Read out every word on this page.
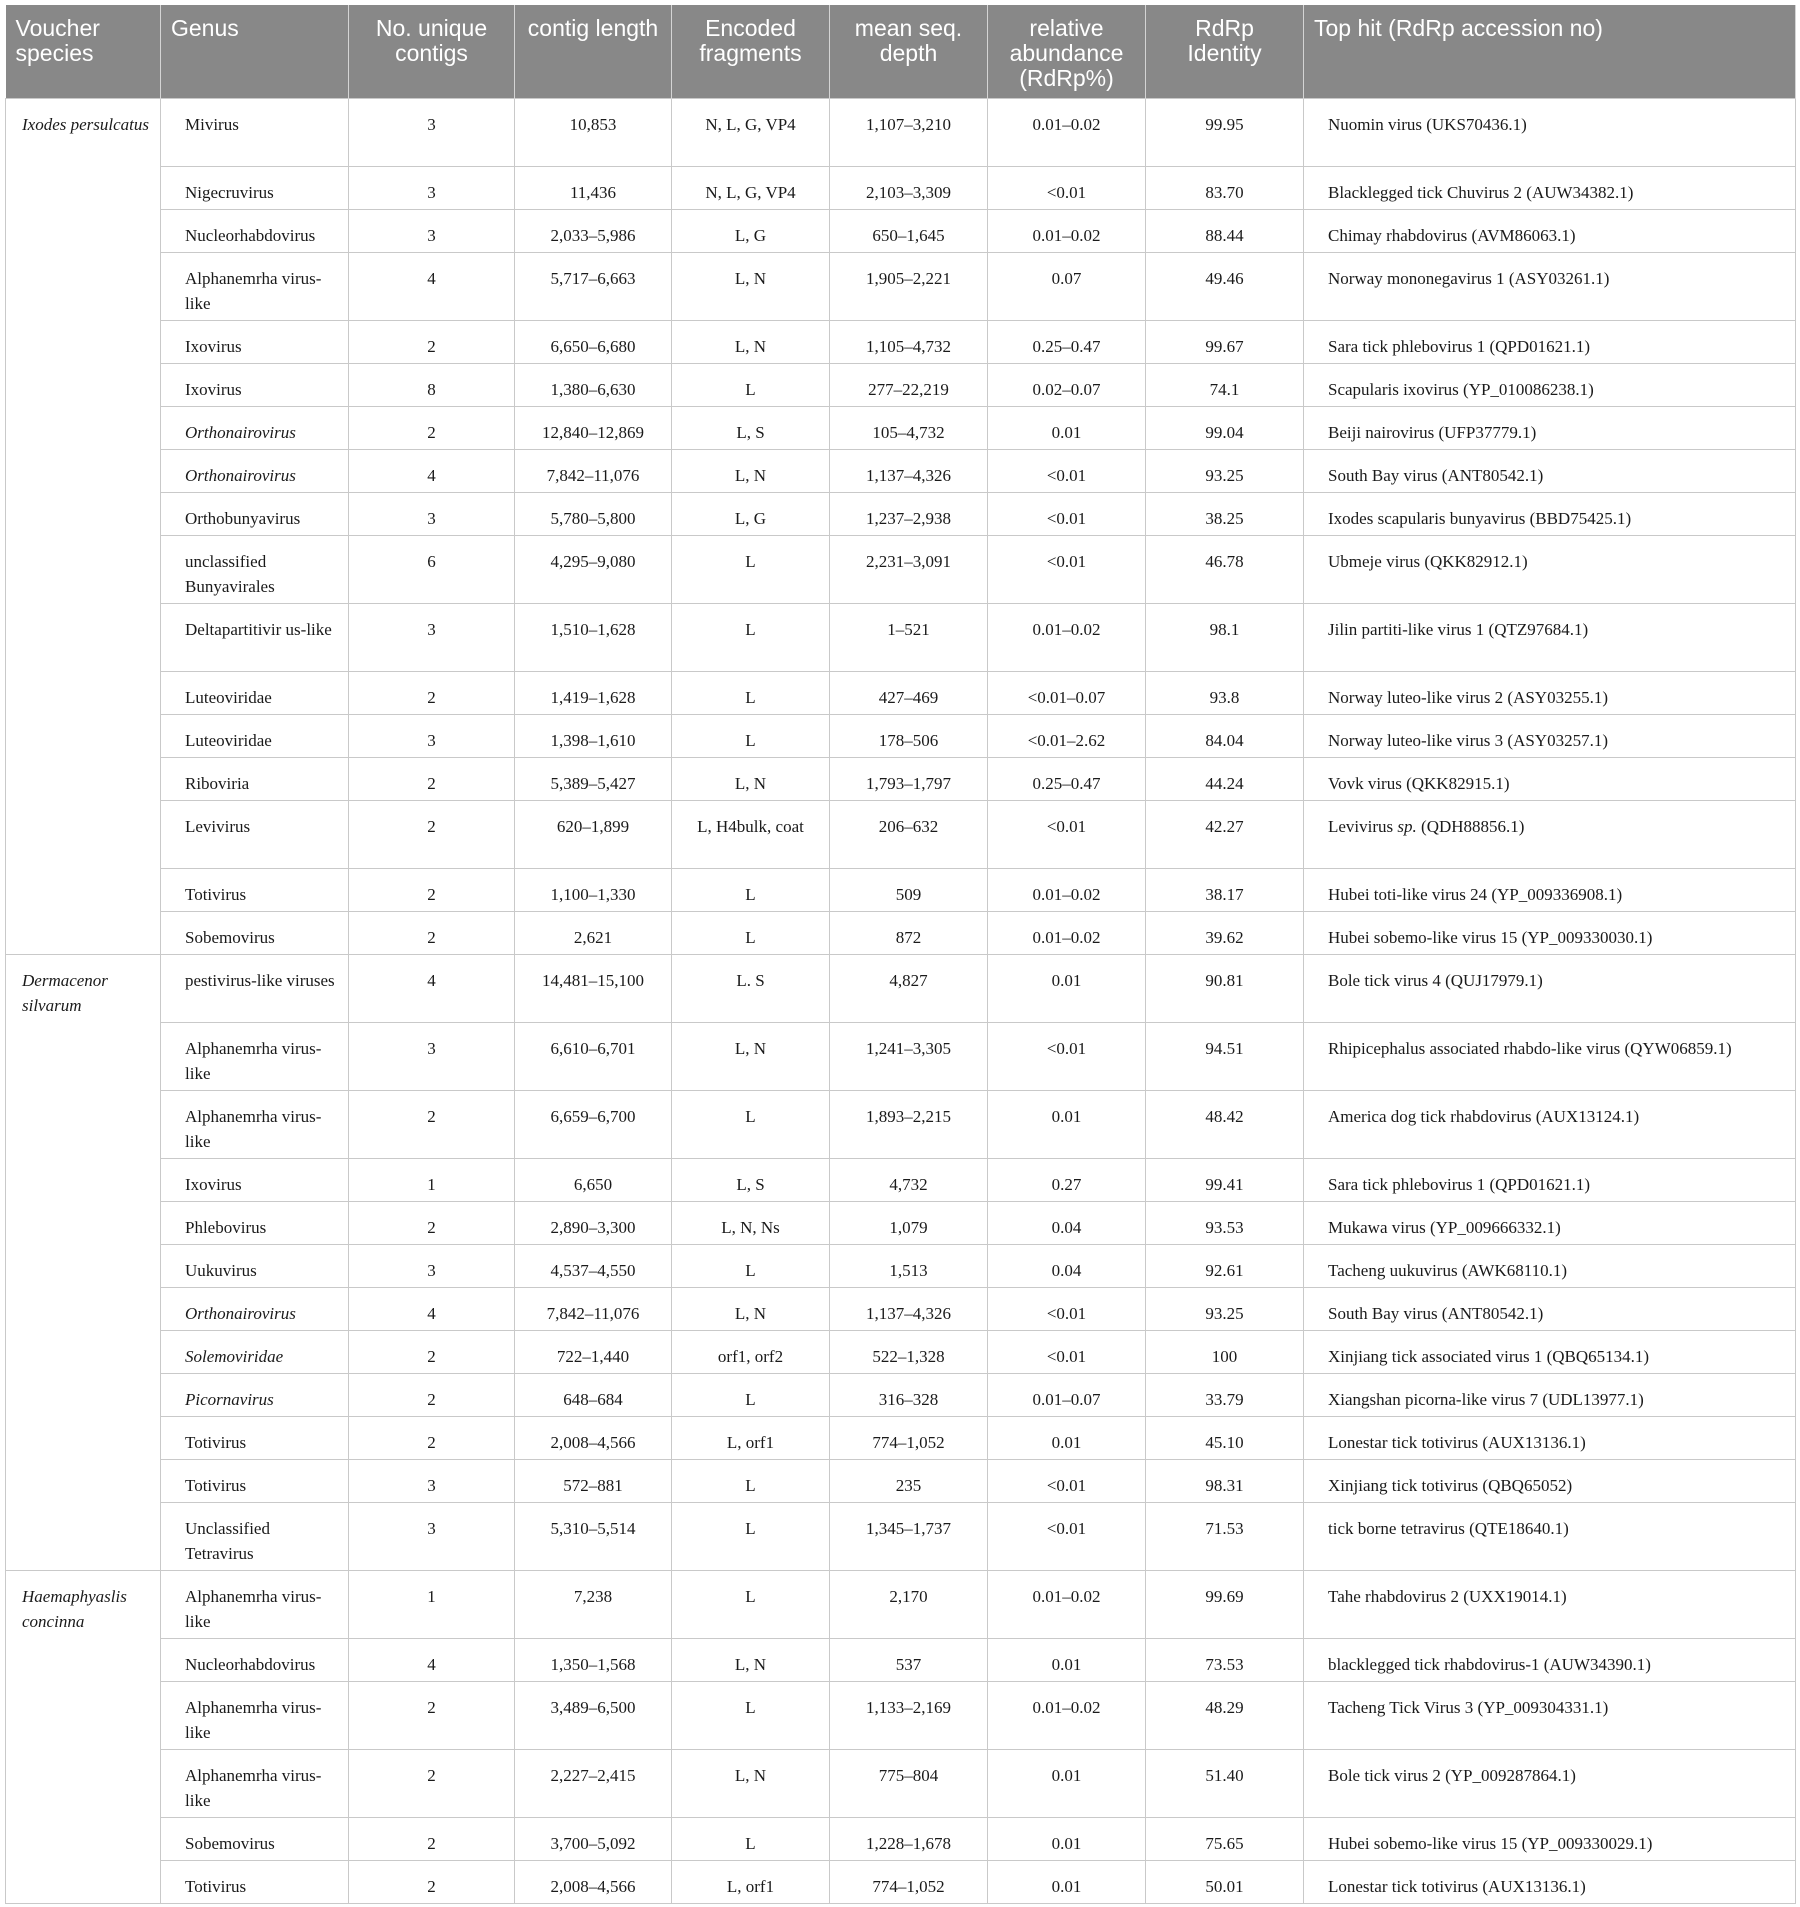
Voucher species	Genus	No. unique contigs	contig length	Encoded fragments	mean seq. depth	relative abundance (RdRp%)	RdRp Identity	Top hit (RdRp accession no)
Ixodes persulcatus	Mivirus	3	10,853	N, L, G, VP4	1,107–3,210	0.01–0.02	99.95	Nuomin virus (UKS70436.1)
	Nigecruvirus	3	11,436	N, L, G, VP4	2,103–3,309	<0.01	83.70	Blacklegged tick Chuvirus 2 (AUW34382.1)
	Nucleorhabdovirus	3	2,033–5,986	L, G	650–1,645	0.01–0.02	88.44	Chimay rhabdovirus (AVM86063.1)
	Alphanemrha virus-like	4	5,717–6,663	L, N	1,905–2,221	0.07	49.46	Norway mononegavirus 1 (ASY03261.1)
	Ixovirus	2	6,650–6,680	L, N	1,105–4,732	0.25–0.47	99.67	Sara tick phlebovirus 1 (QPD01621.1)
	Ixovirus	8	1,380–6,630	L	277–22,219	0.02–0.07	74.1	Scapularis ixovirus (YP_010086238.1)
	Orthonairovirus	2	12,840–12,869	L, S	105–4,732	0.01	99.04	Beiji nairovirus (UFP37779.1)
	Orthonairovirus	4	7,842–11,076	L, N	1,137–4,326	<0.01	93.25	South Bay virus (ANT80542.1)
	Orthobunyavirus	3	5,780–5,800	L, G	1,237–2,938	<0.01	38.25	Ixodes scapularis bunyavirus (BBD75425.1)
	unclassified Bunyavirales	6	4,295–9,080	L	2,231–3,091	<0.01	46.78	Ubmeje virus (QKK82912.1)
	Deltapartitivir us-like	3	1,510–1,628	L	1–521	0.01–0.02	98.1	Jilin partiti-like virus 1 (QTZ97684.1)
	Luteoviridae	2	1,419–1,628	L	427–469	<0.01–0.07	93.8	Norway luteo-like virus 2 (ASY03255.1)
	Luteoviridae	3	1,398–1,610	L	178–506	<0.01–2.62	84.04	Norway luteo-like virus 3 (ASY03257.1)
	Riboviria	2	5,389–5,427	L, N	1,793–1,797	0.25–0.47	44.24	Vovk virus (QKK82915.1)
	Levivirus	2	620–1,899	L, H4bulk, coat	206–632	<0.01	42.27	Levivirus sp. (QDH88856.1)
	Totivirus	2	1,100–1,330	L	509	0.01–0.02	38.17	Hubei toti-like virus 24 (YP_009336908.1)
	Sobemovirus	2	2,621	L	872	0.01–0.02	39.62	Hubei sobemo-like virus 15 (YP_009330030.1)
Dermacenor silvarum	pestivirus-like viruses	4	14,481–15,100	L. S	4,827	0.01	90.81	Bole tick virus 4 (QUJ17979.1)
	Alphanemrha virus-like	3	6,610–6,701	L, N	1,241–3,305	<0.01	94.51	Rhipicephalus associated rhabdo-like virus (QYW06859.1)
	Alphanemrha virus-like	2	6,659–6,700	L	1,893–2,215	0.01	48.42	America dog tick rhabdovirus (AUX13124.1)
	Ixovirus	1	6,650	L, S	4,732	0.27	99.41	Sara tick phlebovirus 1 (QPD01621.1)
	Phlebovirus	2	2,890–3,300	L, N, Ns	1,079	0.04	93.53	Mukawa virus (YP_009666332.1)
	Uukuvirus	3	4,537–4,550	L	1,513	0.04	92.61	Tacheng uukuvirus (AWK68110.1)
	Orthonairovirus	4	7,842–11,076	L, N	1,137–4,326	<0.01	93.25	South Bay virus (ANT80542.1)
	Solemoviridae	2	722–1,440	orf1, orf2	522–1,328	<0.01	100	Xinjiang tick associated virus 1 (QBQ65134.1)
	Picornavirus	2	648–684	L	316–328	0.01–0.07	33.79	Xiangshan picorna-like virus 7 (UDL13977.1)
	Totivirus	2	2,008–4,566	L, orf1	774–1,052	0.01	45.10	Lonestar tick totivirus (AUX13136.1)
	Totivirus	3	572–881	L	235	<0.01	98.31	Xinjiang tick totivirus (QBQ65052)
	Unclassified Tetravirus	3	5,310–5,514	L	1,345–1,737	<0.01	71.53	tick borne tetravirus (QTE18640.1)
Haemaphyaslis concinna	Alphanemrha virus-like	1	7,238	L	2,170	0.01–0.02	99.69	Tahe rhabdovirus 2 (UXX19014.1)
	Nucleorhabdovirus	4	1,350–1,568	L, N	537	0.01	73.53	blacklegged tick rhabdovirus-1 (AUW34390.1)
	Alphanemrha virus-like	2	3,489–6,500	L	1,133–2,169	0.01–0.02	48.29	Tacheng Tick Virus 3 (YP_009304331.1)
	Alphanemrha virus-like	2	2,227–2,415	L, N	775–804	0.01	51.40	Bole tick virus 2 (YP_009287864.1)
	Sobemovirus	2	3,700–5,092	L	1,228–1,678	0.01	75.65	Hubei sobemo-like virus 15 (YP_009330029.1)
	Totivirus	2	2,008–4,566	L, orf1	774–1,052	0.01	50.01	Lonestar tick totivirus (AUX13136.1)
